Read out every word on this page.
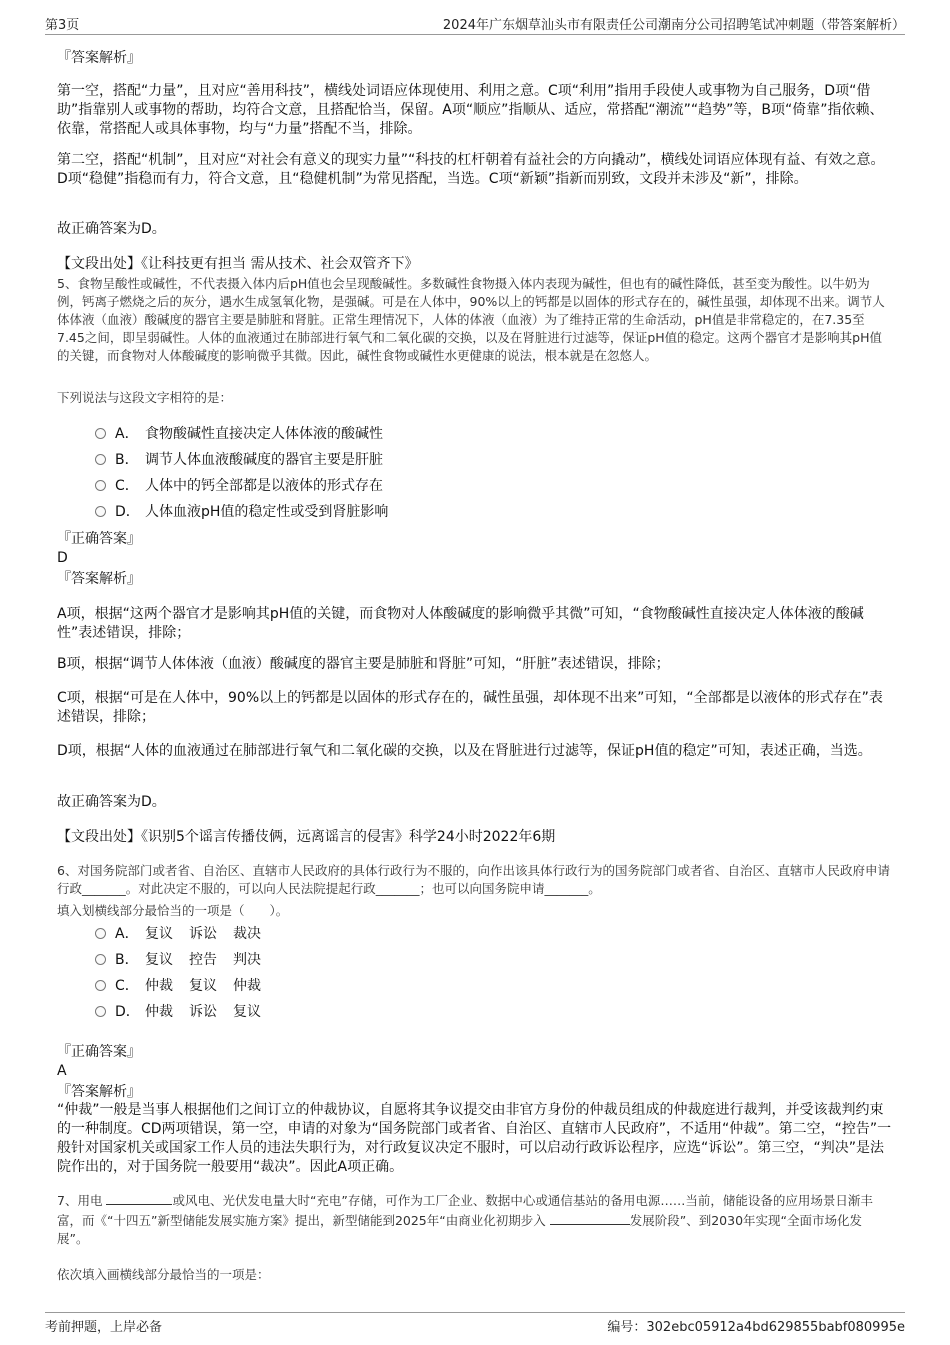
第3页	2024年广东烟草汕头市有限责任公司潮南分公司招聘笔试冲刺题（带答案解析）
『答案解析』
第一空，搭配“力量”，且对应“善用科技”，横线处词语应体现使用、利用之意。C项“利用”指用手段使人或事物为自己服务，D项“借助”指靠别人或事物的帮助，均符合文意，且搭配恰当，保留。A项“顺应”指顺从、适应，常搭配“潮流”“趋势”等，B项“倚靠”指依赖、依靠，常搭配人或具体事物，均与“力量”搭配不当，排除。
第二空，搭配“机制”，且对应“对社会有意义的现实力量”“科技的杠杆朝着有益社会的方向撬动”，横线处词语应体现有益、有效之意。D项“稳健”指稳而有力，符合文意，且“稳健机制”为常见搭配，当选。C项“新颖”指新而别致，文段并未涉及“新”，排除。
故正确答案为D。
【文段出处】《让科技更有担当 需从技术、社会双管齐下》
5、食物呈酸性或碱性，不代表摄入体内后pH值也会呈现酸碱性。多数碱性食物摄入体内表现为碱性，但也有的碱性降低，甚至变为酸性。以牛奶为例，钙离子燃烧之后的灰分，遇水生成氢氧化物，是强碱。可是在人体中，90%以上的钙都是以固体的形式存在的，碱性虽强，却体现不出来。调节人体体液（血液）酸碱度的器官主要是肺脏和肾脏。正常生理情况下，人体的体液（血液）为了维持正常的生命活动，pH值是非常稳定的，在7.35至7.45之间，即呈弱碱性。人体的血液通过在肺部进行氧气和二氧化碳的交换，以及在肾脏进行过滤等，保证pH值的稳定。这两个器官才是影响其pH值的关键，而食物对人体酸碱度的影响微乎其微。因此，碱性食物或碱性水更健康的说法，根本就是在忽悠人。
下列说法与这段文字相符的是：
A． 食物酸碱性直接决定人体体液的酸碱性
B． 调节人体血液酸碱度的器官主要是肝脏
C． 人体中的钙全部都是以液体的形式存在
D． 人体血液pH值的稳定性或受到肾脏影响
『正确答案』
D
『答案解析』
A项，根据“这两个器官才是影响其pH值的关键，而食物对人体酸碱度的影响微乎其微”可知，“食物酸碱性直接决定人体体液的酸碱性”表述错误，排除；
B项，根据“调节人体体液（血液）酸碱度的器官主要是肺脏和肾脏”可知，“肝脏”表述错误，排除；
C项，根据“可是在人体中，90%以上的钙都是以固体的形式存在的，碱性虽强，却体现不出来”可知，“全部都是以液体的形式存在”表述错误，排除；
D项，根据“人体的血液通过在肺部进行氧气和二氧化碳的交换，以及在肾脏进行过滤等，保证pH值的稳定”可知，表述正确，当选。
故正确答案为D。
【文段出处】《识别5个谣言传播伎俩，远离谣言的侵害》科学24小时2022年6期
6、对国务院部门或者省、自治区、直辖市人民政府的具体行政行为不服的，向作出该具体行政行为的国务院部门或者省、自治区、直辖市人民政府申请行政_______。对此决定不服的，可以向人民法院提起行政_______；也可以向国务院申请_______。
填入划横线部分最恰当的一项是（　　）。
A． 复议 诉讼 裁决
B． 复议 控告 判决
C． 仲裁 复议 仲裁
D． 仲裁 诉讼 复议
『正确答案』
A
『答案解析』
“仲裁”一般是当事人根据他们之间订立的仲裁协议，自愿将其争议提交由非官方身份的仲裁员组成的仲裁庭进行裁判，并受该裁判约束的一种制度。CD两项错误，第一空，申请的对象为“国务院部门或者省、自治区、直辖市人民政府”，不适用“仲裁”。第二空，“控告”一般针对国家机关或国家工作人员的违法失职行为，对行政复议决定不服时，可以启动行政诉讼程序，应选“诉讼”。第三空，“判决”是法院作出的，对于国务院一般要用“裁决”。因此A项正确。
7、用电	或风电、光伏发电量大时“充电”存储，可作为工厂企业、数据中心或通信基站的备用电源……当前，储能设备的应用场景日渐丰富，而《“十四五”新型储能发展实施方案》提出，新型储能到2025年“由商业化初期步入	发展阶段”、到2030年实现“全面市场化发展”。
依次填入画横线部分最恰当的一项是：
考前押题，上岸必备	编号：302ebc05912a4bd629855babf080995e
